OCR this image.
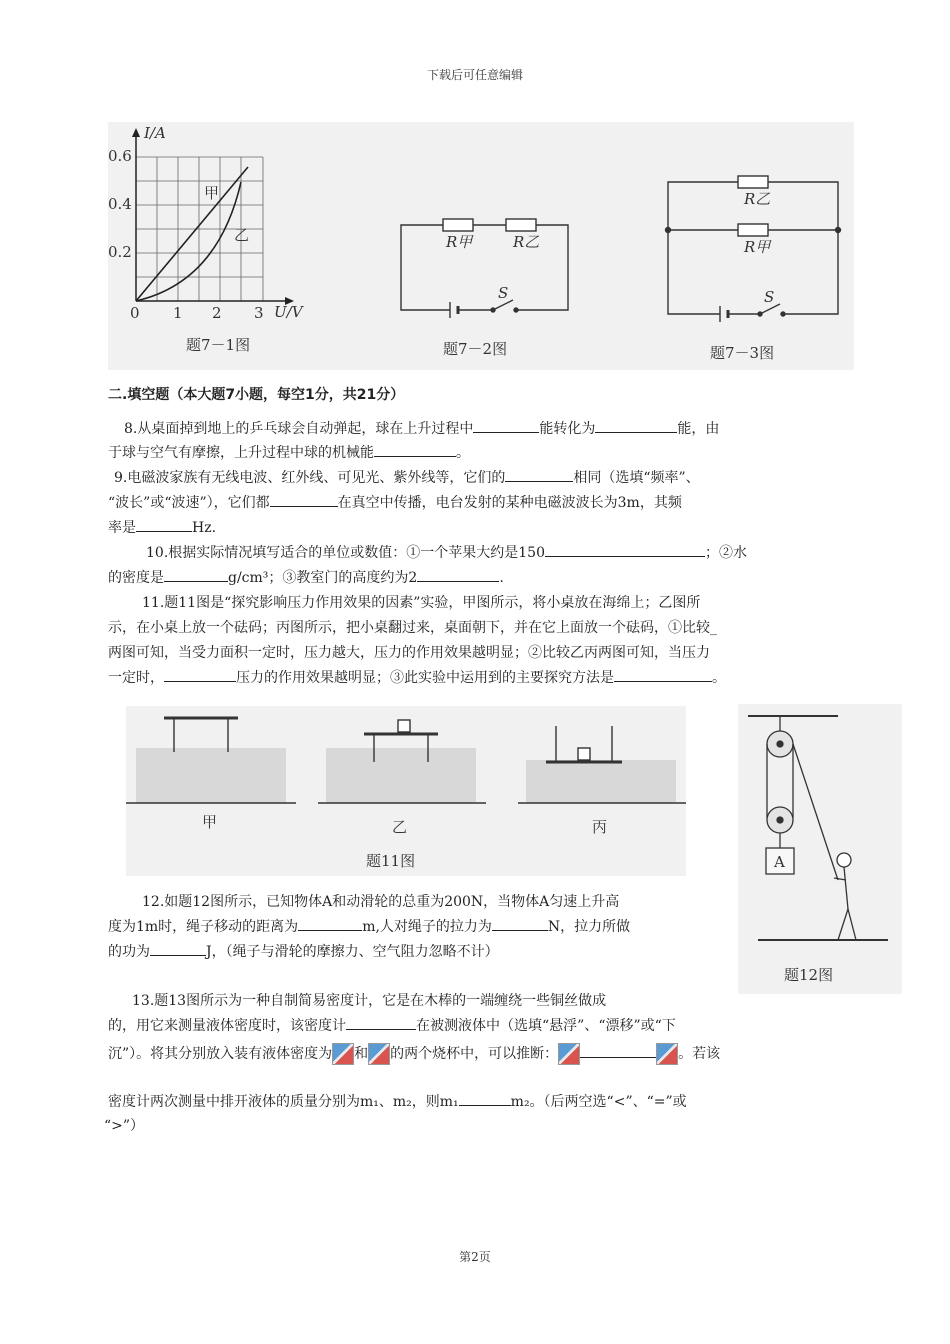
下载后可任意编辑
I/A
U/V
0.6
0.4
0.2
0 1 2 3
甲
乙
题7－1图
R甲	R乙
S
题7－2图
R乙
R甲
S
题7－3图
二.填空题（本大题7小题，每空1分，共21分）
8.从桌面掉到地上的乒乓球会自动弹起，球在上升过程中	能转化为	能，由
于球与空气有摩擦，上升过程中球的机械能	。
9.电磁波家族有无线电波、红外线、可见光、紫外线等，它们的	相同（选填“频率”、
“波长”或“波速”），它们都	在真空中传播，电台发射的某种电磁波波长为3m，其频
率是	Hz.
10.根据实际情况填写适合的单位或数值：①一个苹果大约是150	；②水
的密度是	g/cm³；③教室门的高度约为2	.
11.题11图是“探究影响压力作用效果的因素”实验，甲图所示，将小桌放在海绵上；乙图所
示，在小桌上放一个砝码；丙图所示，把小桌翻过来，桌面朝下，并在它上面放一个砝码，①比较_
两图可知，当受力面积一定时，压力越大，压力的作用效果越明显；②比较乙丙两图可知，当压力
一定时，	压力的作用效果越明显；③此实验中运用到的主要探究方法是	。
甲	乙	丙
题11图	A
题12图
12.如题12图所示，已知物体A和动滑轮的总重为200N，当物体A匀速上升高
度为1m时，绳子移动的距离为	m,人对绳子的拉力为	N，拉力所做
的功为	J，（绳子与滑轮的摩擦力、空气阻力忽略不计）
13.题13图所示为一种自制简易密度计，它是在木棒的一端缠绕一些铜丝做成
的，用它来测量液体密度时，该密度计	在被测液体中（选填“悬浮”、“漂移”或“下
沉”）。将其分别放入装有液体密度为 和 的两个烧杯中，可以推断：	。若该
密度计两次测量中排开液体的质量分别为m₁、m₂，则m₁	m₂。（后两空选“<”、“=”或
“>”）
第2页
